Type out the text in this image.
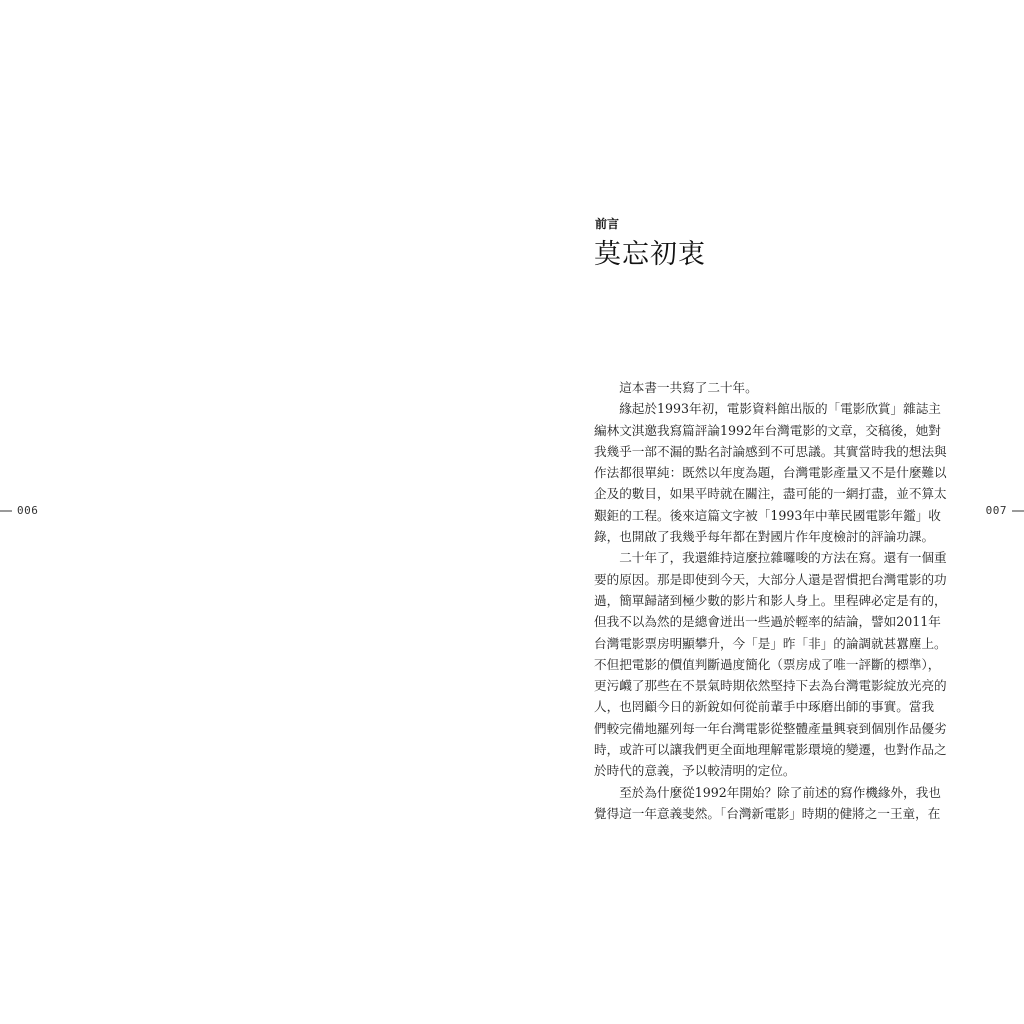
006
前言
莫忘初衷

這本書一共寫了二十年。

緣起於1993年初，電影資料館出版的「電影欣賞」雜誌主
編林文淇邀我寫篇評論1992年台灣電影的文章，交稿後，她對
我幾乎一部不漏的點名討論感到不可思議。其實當時我的想法與
作法都很單純：既然以年度為題，台灣電影產量又不是什麼難以
企及的數目，如果平時就在關注，盡可能的一網打盡，並不算太
艱鉅的工程。後來這篇文字被「1993年中華民國電影年鑑」收
錄，也開啟了我幾乎每年都在對國片作年度檢討的評論功課。

二十年了，我還維持這麼拉雜囉唆的方法在寫。還有一個重
要的原因。那是即使到今天，大部分人還是習慣把台灣電影的功
過，簡單歸諸到極少數的影片和影人身上。里程碑必定是有的，
但我不以為然的是總會迸出一些過於輕率的結論，譬如2011年
台灣電影票房明顯攀升，今「是」昨「非」的論調就甚囂塵上。
不但把電影的價值判斷過度簡化（票房成了唯一評斷的標準），
更污衊了那些在不景氣時期依然堅持下去為台灣電影綻放光亮的
人，也罔顧今日的新銳如何從前輩手中琢磨出師的事實。當我
們較完備地羅列每一年台灣電影從整體產量興衰到個別作品優劣
時，或許可以讓我們更全面地理解電影環境的變遷，也對作品之
於時代的意義，予以較清明的定位。

至於為什麼從1992年開始？除了前述的寫作機緣外，我也
覺得這一年意義斐然。「台灣新電影」時期的健將之一王童，在

007
